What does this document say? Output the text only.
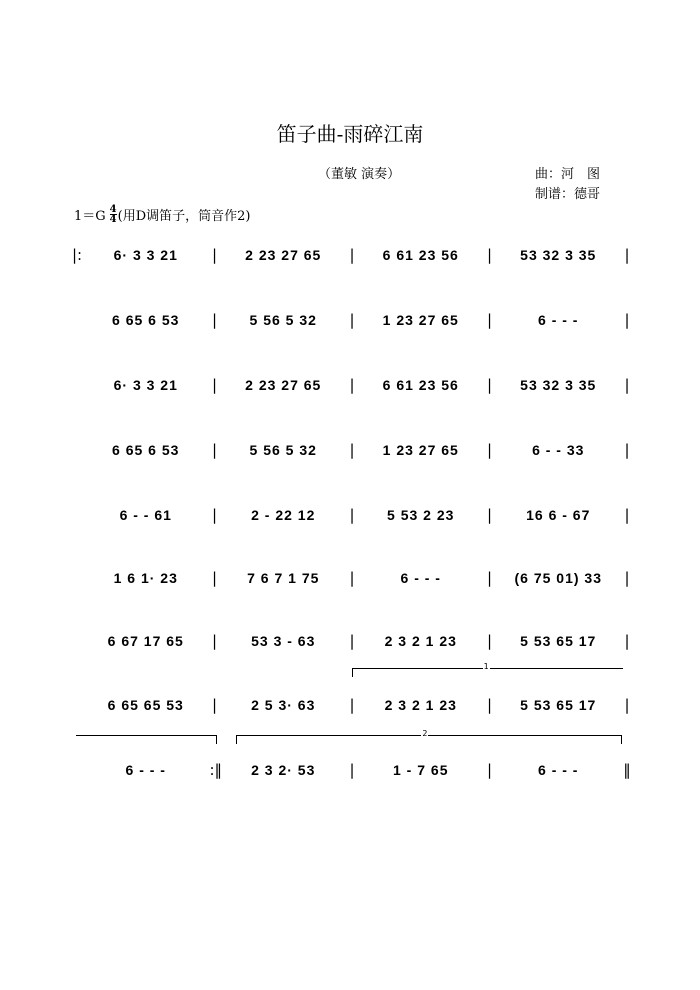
笛子曲-雨碎江南
（董敏 演奏）	曲：河　图
制谱：德哥
1＝G 4
4 (用D调笛子，筒音作2)
|:	6· 3 3 21	|	2 23 27 65	|	6 61 23 56	|	53 32 3 35	|
6 65 6 53	|	5 56 5 32	|	1 23 27 65	|	6 - - -	|
6· 3 3 21	|	2 23 27 65	|	6 61 23 56	|	53 32 3 35	|
6 65 6 53	|	5 56 5 32	|	1 23 27 65	|	6 - - 33	|
6 - - 61	|	2 - 22 12	|	5 53 2 23	|	16 6 - 67	|
1 6 1· 23	|	7 6 7 1 75	|	6 - - -	|	(6 75 01) 33	|
6 67 17 65	|	53 3 - 63	|	2 3 2 1 23	|	5 53 65 17	|
6 65 65 53	|	2 5 3· 63	|	2 3 2 1 23	|	5 53 65 17	|
6 - - -	:‖	2 3 2· 53	|	1 - 7 65	|	6 - - -	‖
1
2
